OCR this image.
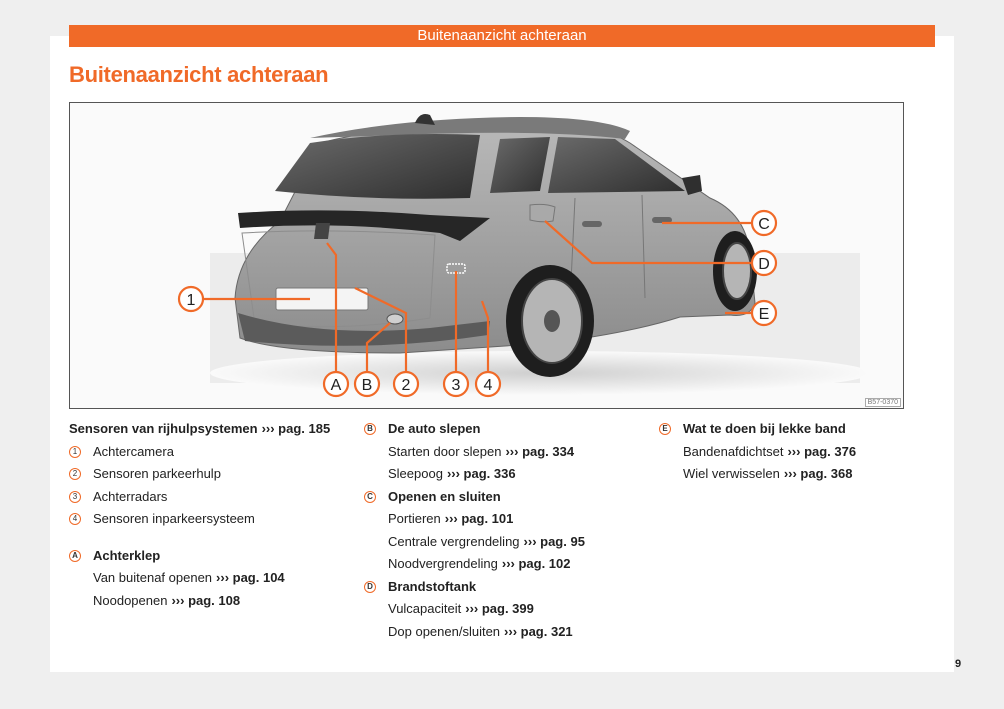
Buitenaanzicht achteraan
Buitenaanzicht achteraan
1
A B 2	3 4
C
D
E
B57-0370
Sensoren van rijhulpsystemen ››› pag. 185
1 Achtercamera
2 Sensoren parkeerhulp
3 Achterradars
4 Sensoren inparkeersysteem
A Achterklep
Van buitenaf openen ››› pag. 104
Noodopenen ››› pag. 108
B De auto slepen
Starten door slepen ››› pag. 334
Sleepoog ››› pag. 336
C Openen en sluiten
Portieren ››› pag. 101
Centrale vergrendeling ››› pag. 95
Noodvergrendeling ››› pag. 102
D Brandstoftank
Vulcapaciteit ››› pag. 399
Dop openen/sluiten ››› pag. 321
E Wat te doen bij lekke band
Bandenafdichtset ››› pag. 376
Wiel verwisselen ››› pag. 368
9
